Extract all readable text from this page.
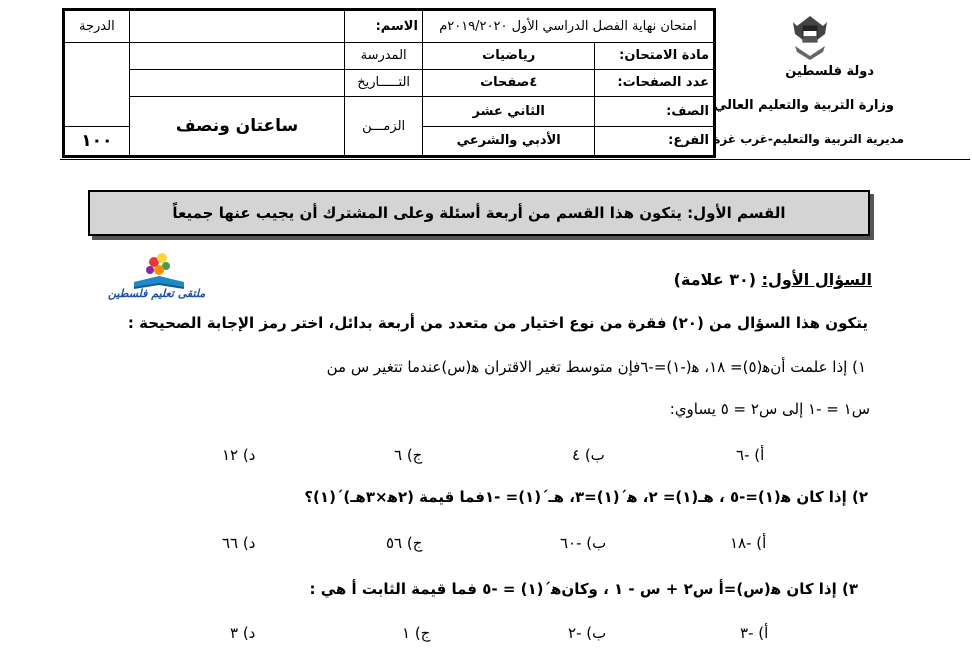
امتحان نهاية الفصل الدراسي الأول ٢٠١٩/٢٠٢٠م		الاسم:		الدرجة
مادة الامتحان:	رياضيات	المدرسة		
عدد الصفحات:	٤صفحات	التـــــاريخ		
الصف:	الثاني عشر	الزمـــن	ساعتان ونصف	
الفرع:	الأدبي والشرعي			١٠٠
دولة فلسطين
وزارة التربية والتعليم العالي
مديرية التربية والتعليم-غرب غزة
القسم الأول: يتكون هذا القسم من أربعة أسئلة وعلى المشترك أن يجيب عنها جميعاً
ملتقى تعليم فلسطين
السؤال الأول: (٣٠ علامة)
يتكون هذا السؤال من (٢٠) فقرة من نوع اختيار من متعدد من أربعة بدائل، اختر رمز الإجابة الصحيحة :
١) إذا علمت أنﻫ(٥)= ١٨، ﻫ(-١)=-٦فإن متوسط تغير الاقتران ﻫ(س)عندما تتغير س من
س١ = -١ إلى س٢ = ٥ يساوي:
أ) -٦
ب) ٤
ج) ٦
د) ١٢
٢) إذا كان ﻫ(١)=-٥ ، ﻫـ(١)= ٢، ﻫ´(١)=٣، ﻫـ´(١)= -١فما قيمة (٢ﻫ×٣ﻫـ)´(١)؟
أ) -١٨
ب) -٦٠
ج) ٥٦
د) ٦٦
٣) إذا كان ﻫ(س)=أ س٢ + س - ١ ، وكانﻫ´(١) = -٥ فما قيمة الثابت أ هي :
أ) -٣
ب) -٢
ج) ١
د) ٣
